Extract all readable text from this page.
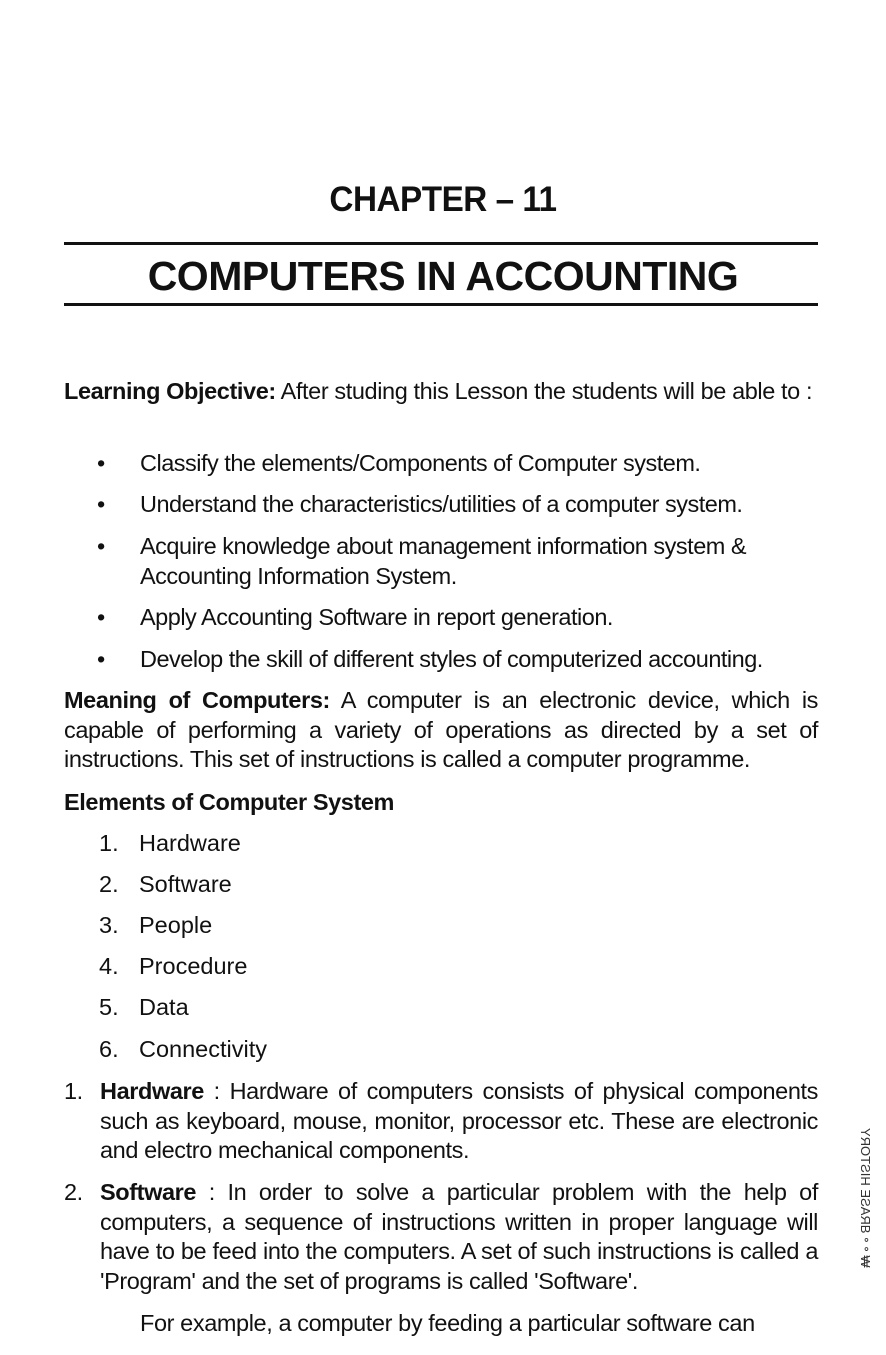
CHAPTER – 11
COMPUTERS IN ACCOUNTING
Learning Objective: After studing this Lesson the students will be able to :
• Classify the elements/Components of Computer system.
• Understand the characteristics/utilities of a computer system.
• Acquire knowledge about management information system & Accounting Information System.
• Apply Accounting Software in report generation.
• Develop the skill of different styles of computerized accounting.
Meaning of Computers: A computer is an electronic device, which is capable of performing a variety of operations as directed by a set of instructions. This set of instructions is called a computer programme.
Elements of Computer System
1. Hardware
2. Software
3. People
4. Procedure
5. Data
6. Connectivity
1. Hardware : Hardware of computers consists of physical components such as keyboard, mouse, monitor, processor etc. These are electronic and electro mechanical components.
2. Software : In order to solve a particular problem with the help of computers, a sequence of instructions written in proper language will have to be feed into the computers. A set of such instructions is called a 'Program' and the set of programs is called 'Software'.
For example, a computer by feeding a particular software can
YЯOTƧIH ƎƧAЯB ॰ ॰ ₩
